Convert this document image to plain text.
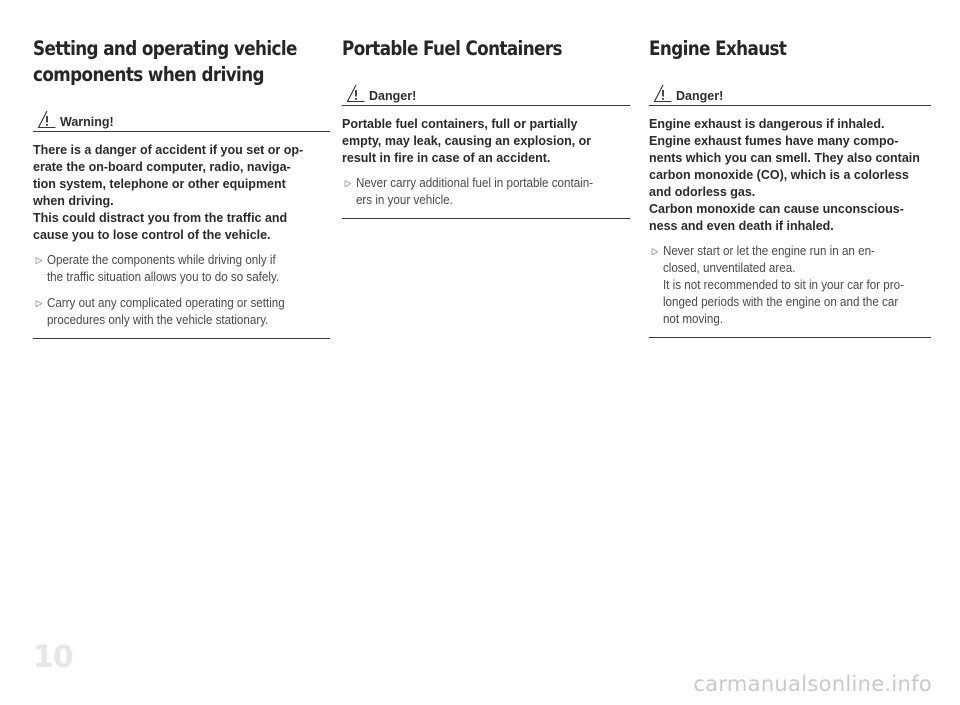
Setting and operating vehicle
components when driving
Warning!
There is a danger of accident if you set or op-
erate the on-board computer, radio, naviga-
tion system, telephone or other equipment
when driving.
This could distract you from the traffic and
cause you to lose control of the vehicle.
▷ Operate the components while driving only if
the traffic situation allows you to do so safely.
▷ Carry out any complicated operating or setting
procedures only with the vehicle stationary.
Portable Fuel Containers
Danger!
Portable fuel containers, full or partially
empty, may leak, causing an explosion, or
result in fire in case of an accident.
▷ Never carry additional fuel in portable contain-
ers in your vehicle.
Engine Exhaust
Danger!
Engine exhaust is dangerous if inhaled.
Engine exhaust fumes have many compo-
nents which you can smell. They also contain
carbon monoxide (CO), which is a colorless
and odorless gas.
Carbon monoxide can cause unconscious-
ness and even death if inhaled.
▷ Never start or let the engine run in an en-
closed, unventilated area.
It is not recommended to sit in your car for pro-
longed periods with the engine on and the car
not moving.
10
carmanualsonline.info
